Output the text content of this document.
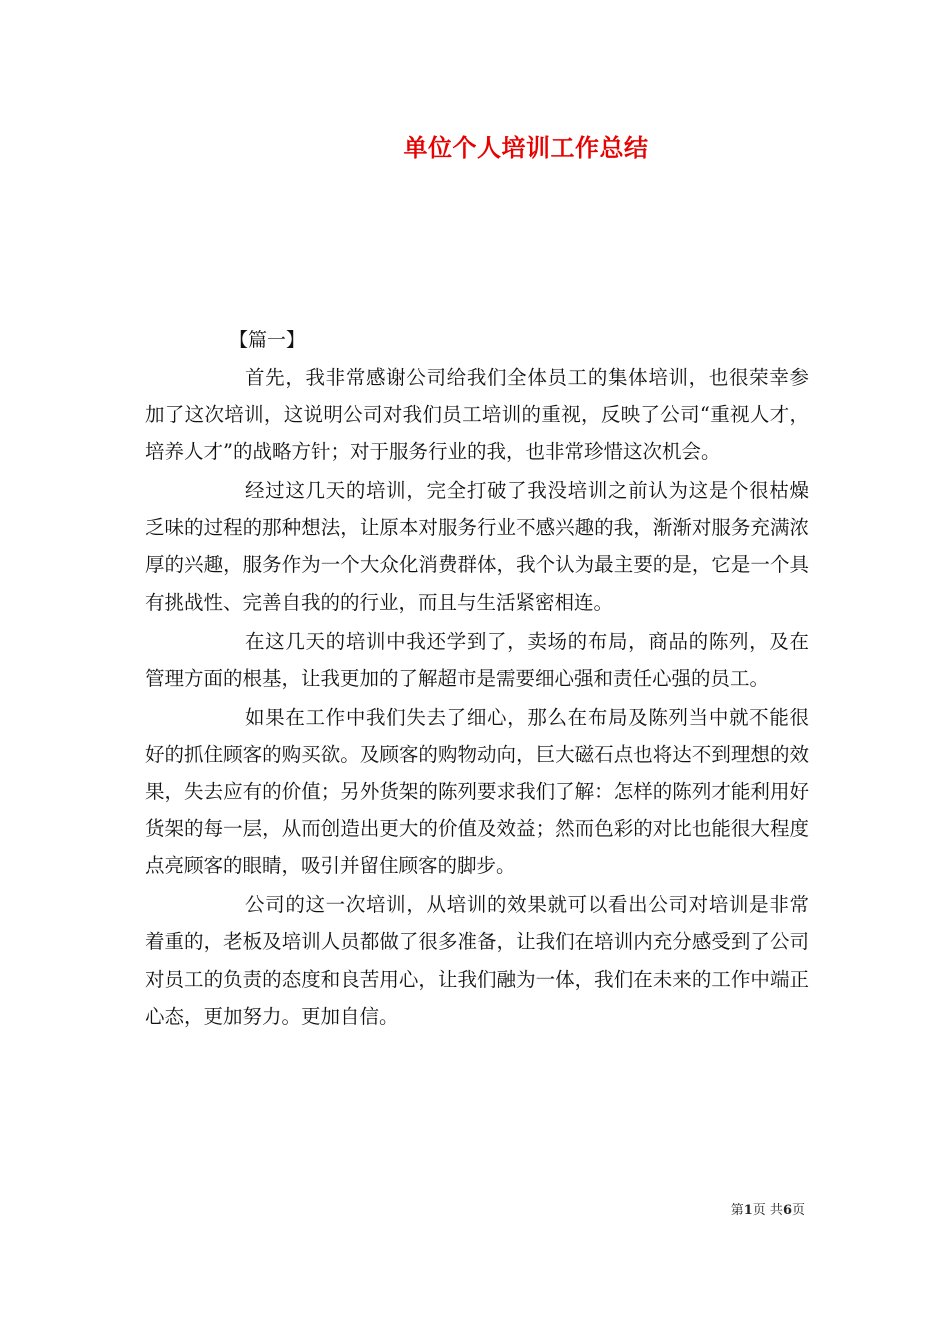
单位个人培训工作总结
【篇一】

首先，我非常感谢公司给我们全体员工的集体培训，也很荣幸参加了这次培训，这说明公司对我们员工培训的重视，反映了公司“重视人才，培养人才”的战略方针；对于服务行业的我，也非常珍惜这次机会。

经过这几天的培训，完全打破了我没培训之前认为这是个很枯燥乏味的过程的那种想法，让原本对服务行业不感兴趣的我，渐渐对服务充满浓厚的兴趣，服务作为一个大众化消费群体，我个认为最主要的是，它是一个具有挑战性、完善自我的的行业，而且与生活紧密相连。

在这几天的培训中我还学到了，卖场的布局，商品的陈列，及在管理方面的根基，让我更加的了解超市是需要细心强和责任心强的员工。

如果在工作中我们失去了细心，那么在布局及陈列当中就不能很好的抓住顾客的购买欲。及顾客的购物动向，巨大磁石点也将达不到理想的效果，失去应有的价值；另外货架的陈列要求我们了解：怎样的陈列才能利用好货架的每一层，从而创造出更大的价值及效益；然而色彩的对比也能很大程度点亮顾客的眼睛，吸引并留住顾客的脚步。

公司的这一次培训，从培训的效果就可以看出公司对培训是非常着重的，老板及培训人员都做了很多准备，让我们在培训内充分感受到了公司对员工的负责的态度和良苦用心，让我们融为一体，我们在未来的工作中端正心态，更加努力。更加自信。

第1页 共6页
